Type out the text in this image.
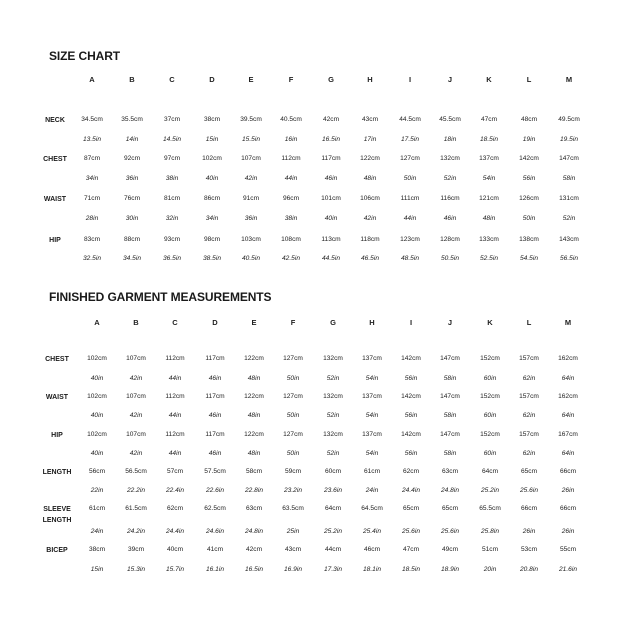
SIZE CHART
A	B	C	D	E	F	G	H	I	J	K	L	M
NECK	34.5cm	35.5cm	37cm	38cm	39.5cm	40.5cm	42cm	43cm	44.5cm	45.5cm	47cm	48cm	49.5cm
13.5in	14in	14.5in	15in	15.5in	16in	16.5in	17in	17.5in	18in	18.5in	19in	19.5in
CHEST	87cm	92cm	97cm	102cm	107cm	112cm	117cm	122cm	127cm	132cm	137cm	142cm	147cm
34in	36in	38in	40in	42in	44in	46in	48in	50in	52in	54in	56in	58in
WAIST	71cm	76cm	81cm	86cm	91cm	96cm	101cm	106cm	111cm	116cm	121cm	126cm	131cm
28in	30in	32in	34in	36in	38in	40in	42in	44in	46in	48in	50in	52in
HIP	83cm	88cm	93cm	98cm	103cm	108cm	113cm	118cm	123cm	128cm	133cm	138cm	143cm
32.5in	34.5in	36.5in	38.5in	40.5in	42.5in	44.5in	46.5in	48.5in	50.5in	52.5in	54.5in	56.5in
FINISHED GARMENT MEASUREMENTS
A	B	C	D	E	F	G	H	I	J	K	L	M
CHEST	102cm	107cm	112cm	117cm	122cm	127cm	132cm	137cm	142cm	147cm	152cm	157cm	162cm
40in	42in	44in	46in	48in	50in	52in	54in	56in	58in	60in	62in	64in
WAIST	102cm	107cm	112cm	117cm	122cm	127cm	132cm	137cm	142cm	147cm	152cm	157cm	162cm
40in	42in	44in	46in	48in	50in	52in	54in	56in	58in	60in	62in	64in
HIP	102cm	107cm	112cm	117cm	122cm	127cm	132cm	137cm	142cm	147cm	152cm	157cm	167cm
40in	42in	44in	46in	48in	50in	52in	54in	56in	58in	60in	62in	64in
LENGTH	56cm	56.5cm	57cm	57.5cm	58cm	59cm	60cm	61cm	62cm	63cm	64cm	65cm	66cm
22in	22.2in	22.4in	22.6in	22.8in	23.2in	23.6in	24in	24.4in	24.8in	25.2in	25.6in	26in
SLEEVE LENGTH
61cm	61.5cm	62cm	62.5cm	63cm	63.5cm	64cm	64.5cm	65cm	65cm	65.5cm	66cm	66cm
24in	24.2in	24.4in	24.6in	24.8in	25in	25.2in	25.4in	25.6in	25.6in	25.8in	26in	26in
BICEP	38cm	39cm	40cm	41cm	42cm	43cm	44cm	46cm	47cm	49cm	51cm	53cm	55cm
15in	15.3in	15.7in	16.1in	16.5in	16.9in	17.3in	18.1in	18.5in	18.9in	20in	20.8in	21.6in
